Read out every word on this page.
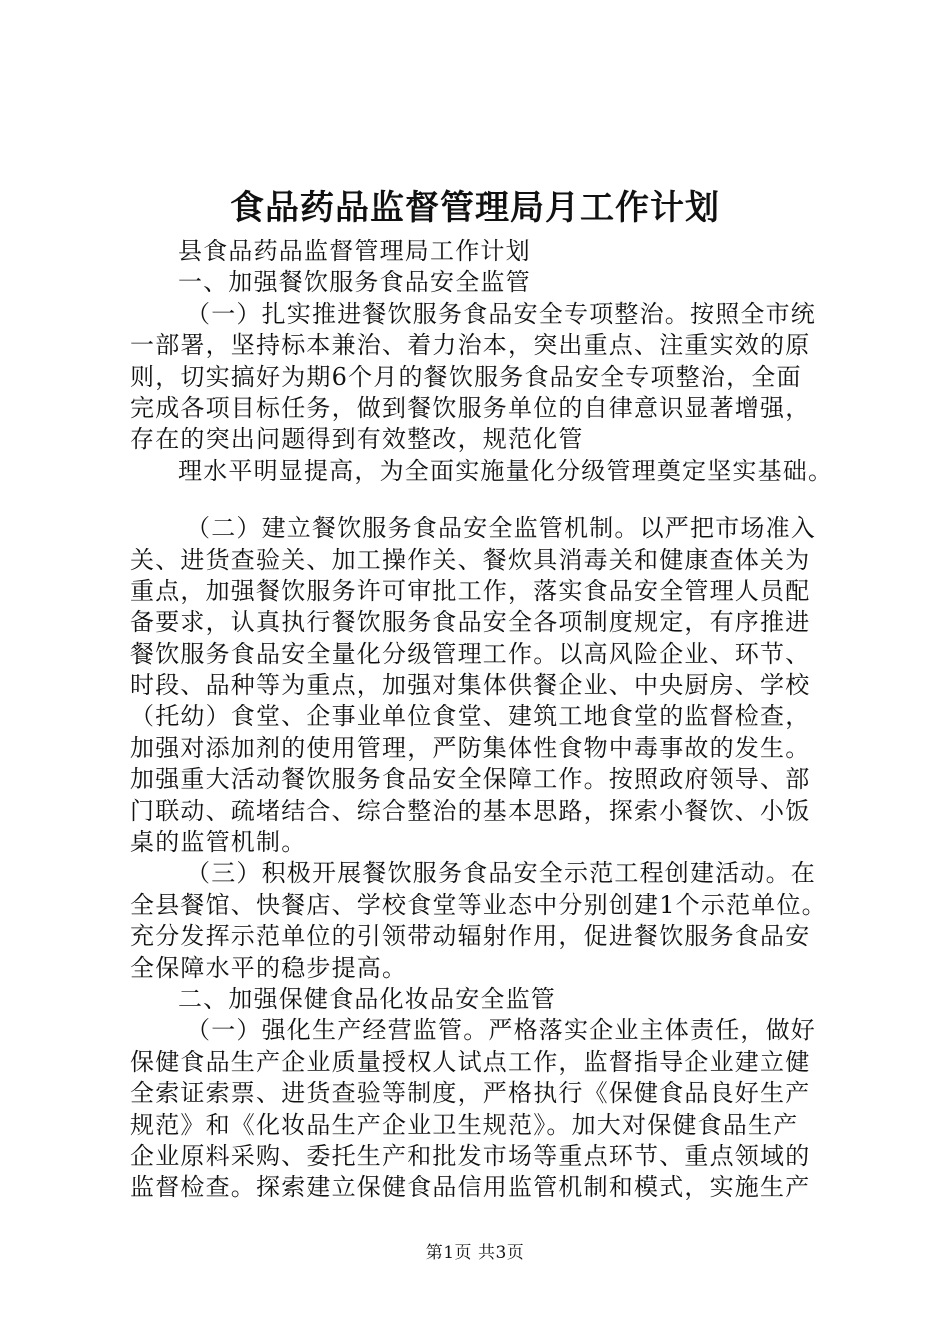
食品药品监督管理局月工作计划
县食品药品监督管理局工作计划
一、加强餐饮服务食品安全监管
（一）扎实推进餐饮服务食品安全专项整治。按照全市统
一部署，坚持标本兼治、着力治本，突出重点、注重实效的原
则，切实搞好为期6个月的餐饮服务食品安全专项整治，全面
完成各项目标任务，做到餐饮服务单位的自律意识显著增强，
存在的突出问题得到有效整改，规范化管
理水平明显提高，为全面实施量化分级管理奠定坚实基础。
（二）建立餐饮服务食品安全监管机制。以严把市场准入
关、进货查验关、加工操作关、餐炊具消毒关和健康查体关为
重点，加强餐饮服务许可审批工作，落实食品安全管理人员配
备要求，认真执行餐饮服务食品安全各项制度规定，有序推进
餐饮服务食品安全量化分级管理工作。以高风险企业、环节、
时段、品种等为重点，加强对集体供餐企业、中央厨房、学校
（托幼）食堂、企事业单位食堂、建筑工地食堂的监督检查，
加强对添加剂的使用管理，严防集体性食物中毒事故的发生。
加强重大活动餐饮服务食品安全保障工作。按照政府领导、部
门联动、疏堵结合、综合整治的基本思路，探索小餐饮、小饭
桌的监管机制。
（三）积极开展餐饮服务食品安全示范工程创建活动。在
全县餐馆、快餐店、学校食堂等业态中分别创建1个示范单位。
充分发挥示范单位的引领带动辐射作用，促进餐饮服务食品安
全保障水平的稳步提高。
二、加强保健食品化妆品安全监管
（一）强化生产经营监管。严格落实企业主体责任，做好
保健食品生产企业质量授权人试点工作，监督指导企业建立健
全索证索票、进货查验等制度，严格执行《保健食品良好生产
规范》和《化妆品生产企业卫生规范》。加大对保健食品生产
企业原料采购、委托生产和批发市场等重点环节、重点领域的
监督检查。探索建立保健食品信用监管机制和模式，实施生产
第1页 共3页
